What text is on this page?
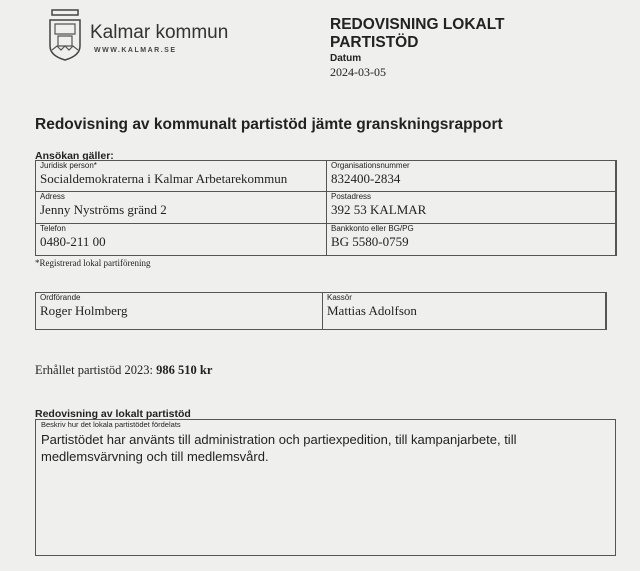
Kalmar kommun
WWW.KALMAR.SE
REDOVISNING LOKALT
PARTISTÖD
Datum
2024-03-05
Redovisning av kommunalt partistöd jämte granskningsrapport
Ansökan gäller:
Juridisk person*
Socialdemokraterna i Kalmar Arbetarekommun
Organisationsnummer
832400-2834
Adress
Jenny Nyströms gränd 2
Postadress
392 53 KALMAR
Telefon
0480-211 00
Bankkonto eller BG/PG
BG 5580-0759
*Registrerad lokal partiförening
Ordförande
Roger Holmberg
Kassör
Mattias Adolfson
Erhållet partistöd 2023: 986 510 kr
Redovisning av lokalt partistöd
Beskriv hur det lokala partistödet fördelats
Partistödet har använts till administration och partiexpedition, till kampanjarbete, till medlemsvärvning och till medlemsvård.
